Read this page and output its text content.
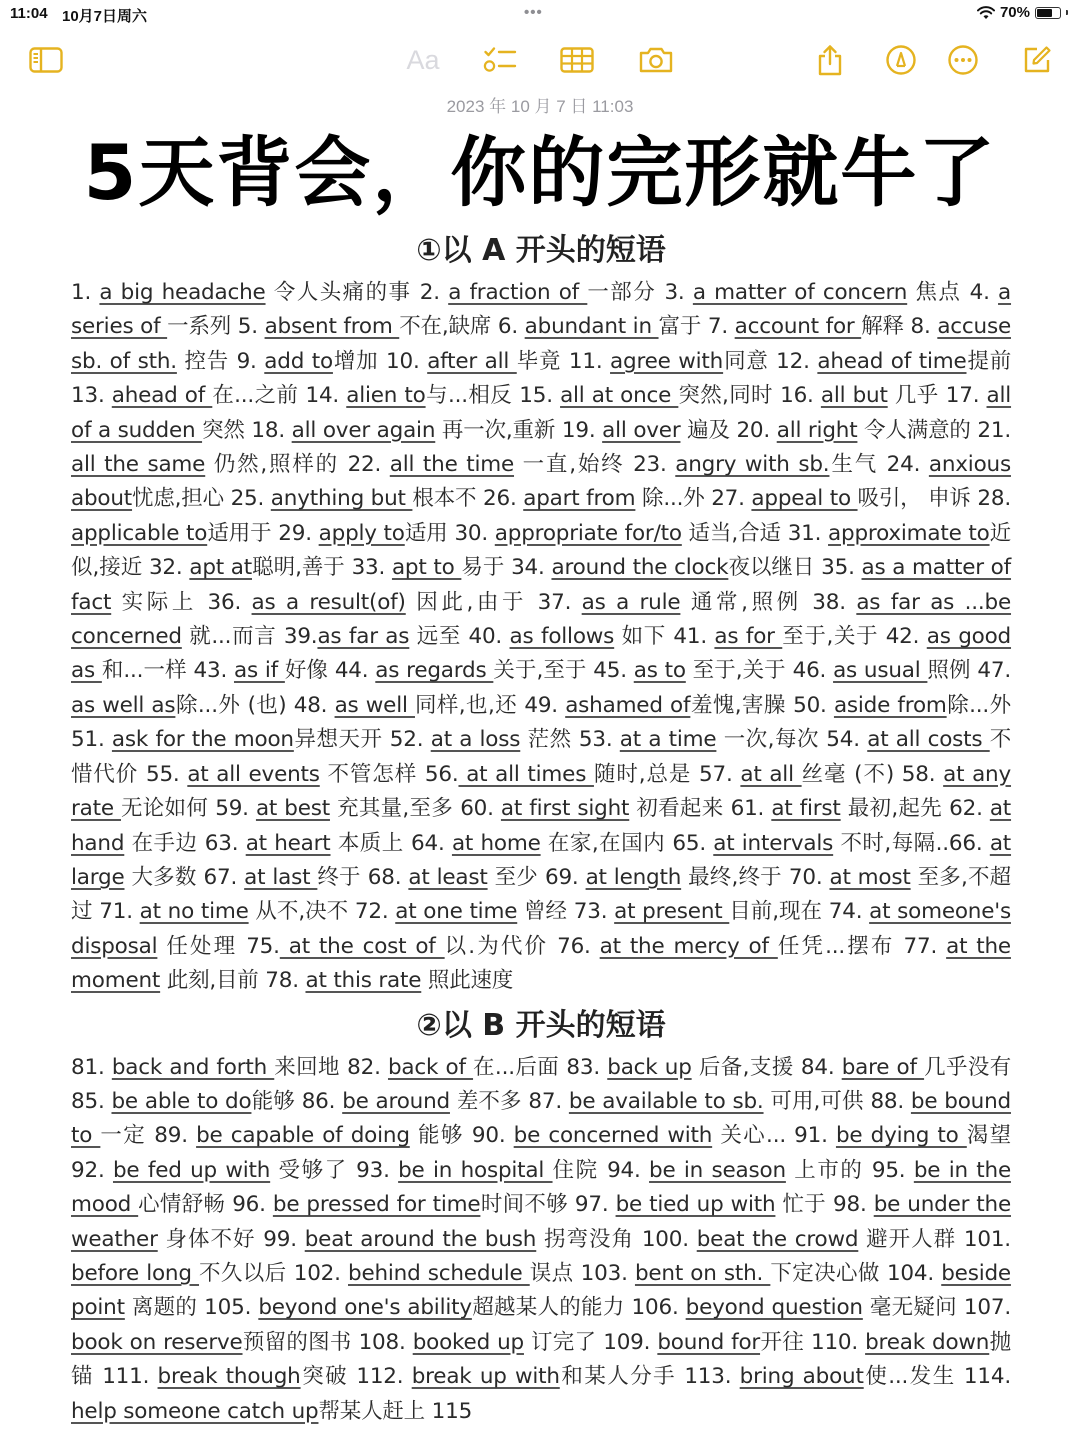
11:04 10月7日周六	•••	70%
Aa
2023 年 10 月 7 日 11:03
5天背会，你的完形就牛了
①以 A 开头的短语

1. a big headache 令人头痛的事 2. a fraction of 一部分 3. a matter of concern 焦点 4. a series of 一系列 5. absent from 不在,缺席 6. abundant in 富于 7. account for 解释 8. accuse sb. of sth. 控告 9. add to增加 10. after all 毕竟 11. agree with同意 12. ahead of time提前 13. ahead of 在...之前 14. alien to与...相反 15. all at once 突然,同时 16. all but 几乎 17. all of a sudden 突然 18. all over again 再一次,重新 19. all over 遍及 20. all right 令人满意的 21. all the same 仍然,照样的 22. all the time 一直,始终 23. angry with sb.生气 24. anxious about忧虑,担心 25. anything but 根本不 26. apart from 除...外 27. appeal to 吸引， 申诉 28. applicable to适用于 29. apply to适用 30. appropriate for/to 适当,合适 31. approximate to近似,接近 32. apt at聪明,善于 33. apt to 易于 34. around the clock夜以继日 35. as a matter of fact 实际上 36. as a result(of) 因此,由于 37. as a rule 通常,照例 38. as far as ...be concerned 就...而言 39.as far as 远至 40. as follows 如下 41. as for 至于,关于 42. as good as 和...一样 43. as if 好像 44. as regards 关于,至于 45. as to 至于,关于 46. as usual 照例 47. as well as除...外 (也) 48. as well 同样,也,还 49. ashamed of羞愧,害臊 50. aside from除...外 51. ask for the moon异想天开 52. at a loss 茫然 53. at a time 一次,每次 54. at all costs 不惜代价 55. at all events 不管怎样 56. at all times 随时,总是 57. at all 丝毫 (不) 58. at any rate 无论如何 59. at best 充其量,至多 60. at first sight 初看起来 61. at first 最初,起先 62. at hand 在手边 63. at heart 本质上 64. at home 在家,在国内 65. at intervals 不时,每隔..66. at large 大多数 67. at last 终于 68. at least 至少 69. at length 最终,终于 70. at most 至多,不超过 71. at no time 从不,决不 72. at one time 曾经 73. at present 目前,现在 74. at someone's disposal 任处理 75. at the cost of 以.为代价 76. at the mercy of 任凭...摆布 77. at the moment 此刻,目前 78. at this rate 照此速度

②以 B 开头的短语

81. back and forth 来回地 82. back of 在...后面 83. back up 后备,支援 84. bare of 几乎没有 85. be able to do能够 86. be around 差不多 87. be available to sb. 可用,可供 88. be bound to 一定 89. be capable of doing 能够 90. be concerned with 关心... 91. be dying to 渴望 92. be fed up with 受够了 93. be in hospital 住院 94. be in season 上市的 95. be in the mood 心情舒畅 96. be pressed for time时间不够 97. be tied up with 忙于 98. be under the weather 身体不好 99. beat around the bush 拐弯没角 100. beat the crowd 避开人群 101. before long 不久以后 102. behind schedule 误点 103. bent on sth. 下定决心做 104. beside point 离题的 105. beyond one's ability超越某人的能力 106. beyond question 毫无疑问 107. book on reserve预留的图书 108. booked up 订完了 109. bound for开往 110. break down抛锚 111. break though突破 112. break up with和某人分手 113. bring about使...发生 114. help someone catch up帮某人赶上 115
